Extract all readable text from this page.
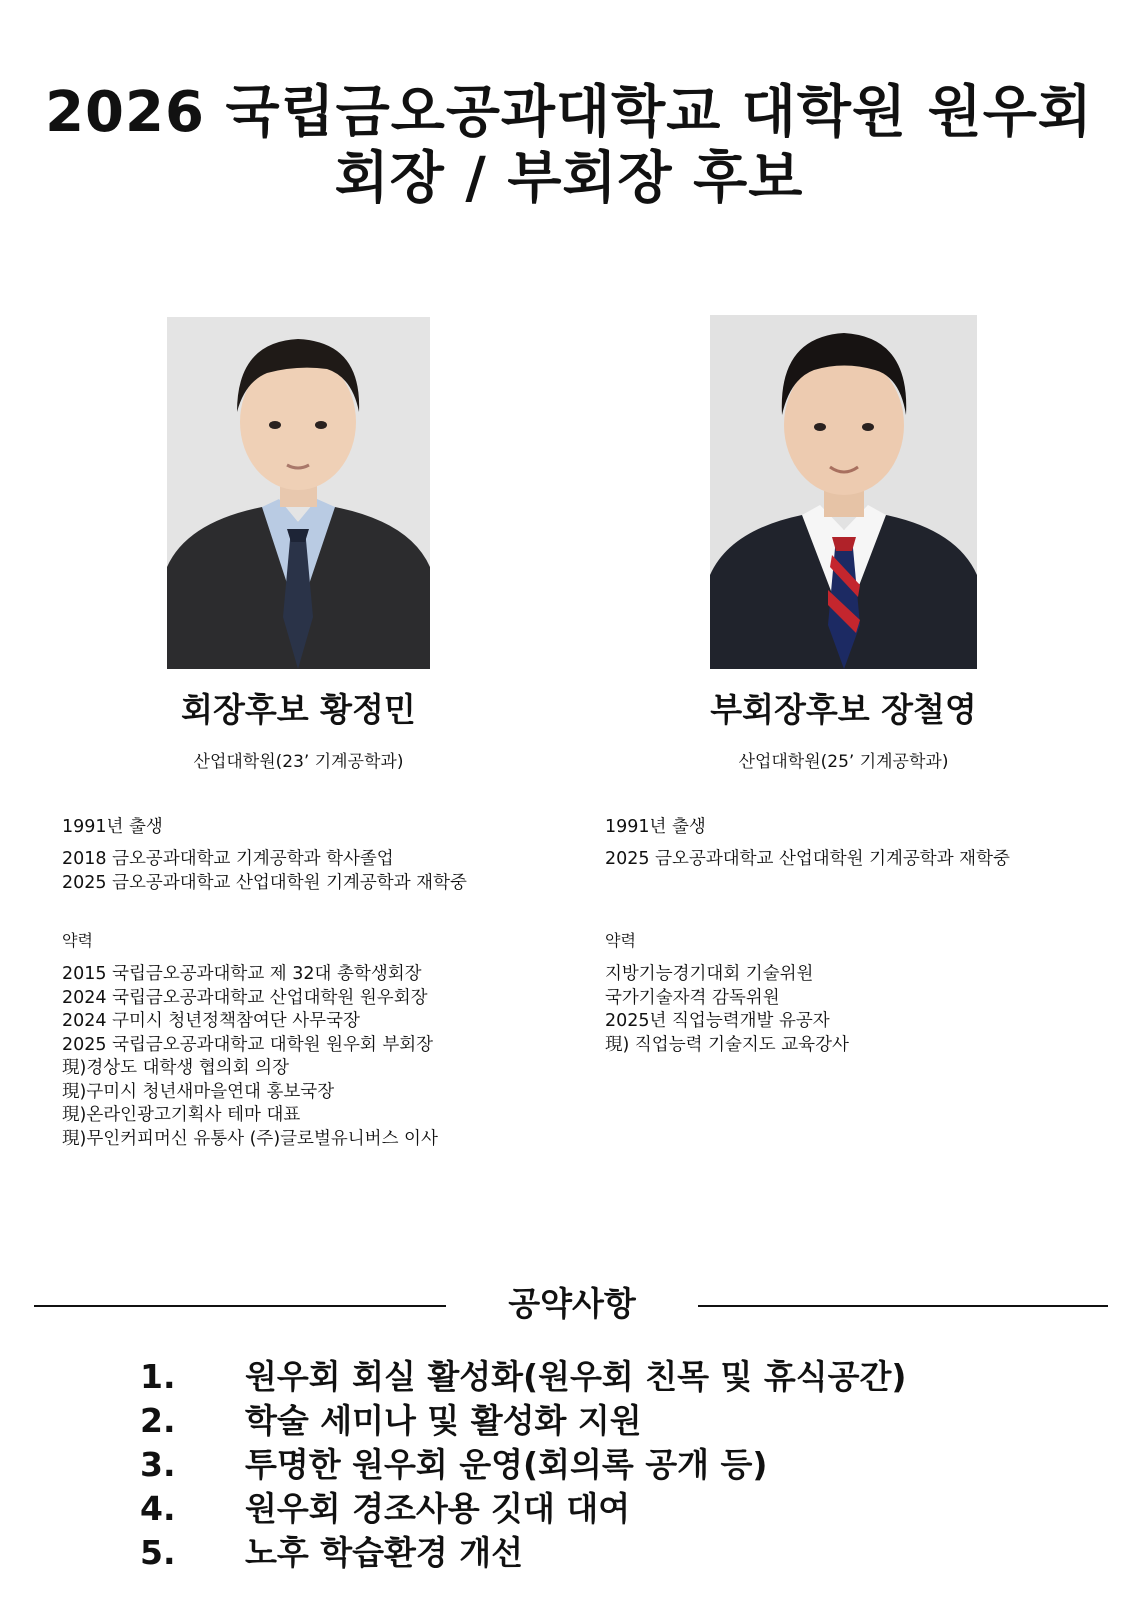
2026 국립금오공과대학교 대학원 원우회
회장 / 부회장 후보
회장후보 황정민
산업대학원(23’ 기계공학과)
부회장후보 장철영
산업대학원(25’ 기계공학과)
1991년 출생
2018 금오공과대학교 기계공학과 학사졸업
2025 금오공과대학교 산업대학원 기계공학과 재학중
약력
2015 국립금오공과대학교 제 32대 총학생회장
2024 국립금오공과대학교 산업대학원 원우회장
2024 구미시 청년정책참여단 사무국장
2025 국립금오공과대학교 대학원 원우회 부회장
現)경상도 대학생 협의회 의장
現)구미시 청년새마을연대 홍보국장
現)온라인광고기획사 테마 대표
現)무인커피머신 유통사 (주)글로벌유니버스 이사
1991년 출생
2025 금오공과대학교 산업대학원 기계공학과 재학중
약력
지방기능경기대회 기술위원
국가기술자격 감독위원
2025년 직업능력개발 유공자
現) 직업능력 기술지도 교육강사
공약사항
1. 원우회 회실 활성화(원우회 친목 및 휴식공간)
2. 학술 세미나 및 활성화 지원
3. 투명한 원우회 운영(회의록 공개 등)
4. 원우회 경조사용 깃대 대여
5. 노후 학습환경 개선
